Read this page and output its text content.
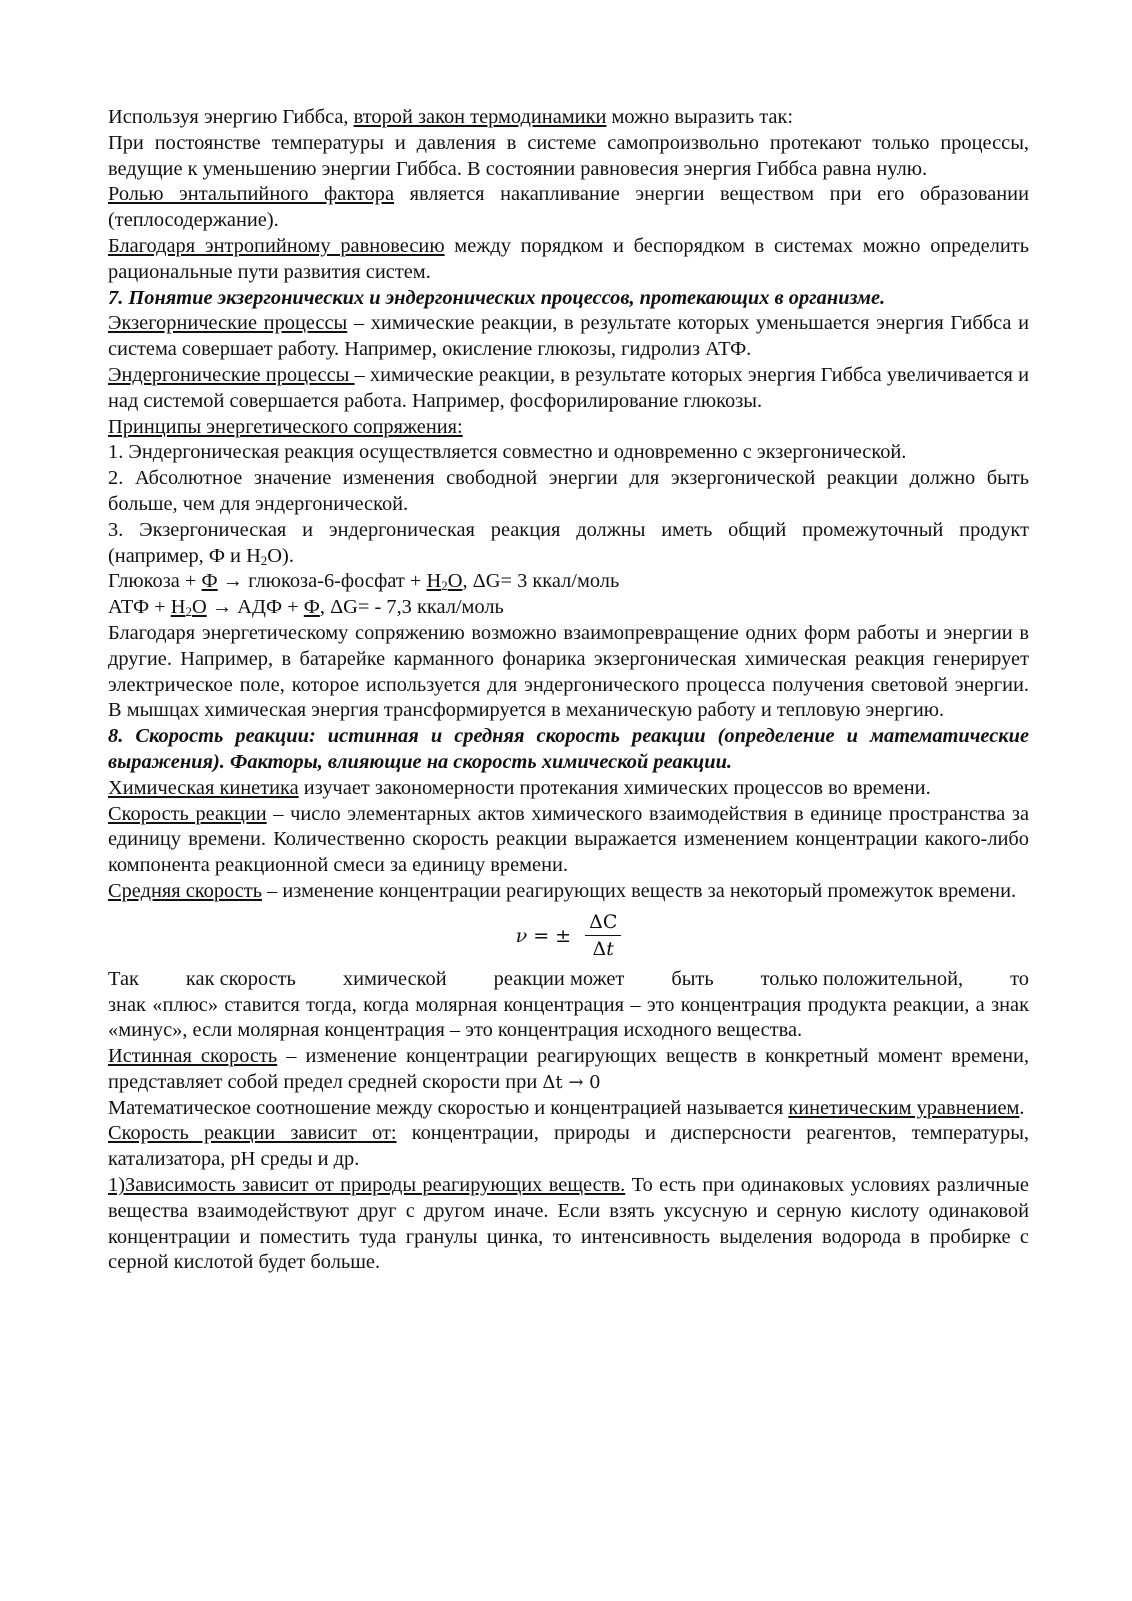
Используя энергию Гиббса, второй закон термодинамики можно выразить так:

При постоянстве температуры и давления в системе самопроизвольно протекают только процессы, ведущие к уменьшению энергии Гиббса. В состоянии равновесия энергия Гиббса равна нулю.

Ролью энтальпийного фактора является накапливание энергии веществом при его образовании (теплосодержание).

Благодаря энтропийному равновесию между порядком и беспорядком в системах можно определить рациональные пути развития систем.

7. Понятие экзергонических и эндергонических процессов, протекающих в организме.

Экзегорнические процессы – химические реакции, в результате которых уменьшается энергия Гиббса и система совершает работу. Например, окисление глюкозы, гидролиз АТФ.

Эндергонические процессы – химические реакции, в результате которых энергия Гиббса увеличивается и над системой совершается работа. Например, фосфорилирование глюкозы.

Принципы энергетического сопряжения:

1. Эндергоническая реакция осуществляется совместно и одновременно с экзергонической.

2. Абсолютное значение изменения свободной энергии для экзергонической реакции должно быть больше, чем для эндергонической.

3. Экзергоническая и эндергоническая реакция должны иметь общий промежуточный продукт (например, Ф и $H_2O$).

Глюкоза + Ф → глюкоза-6-фосфат + $H_2O$, ΔG= 3 ккал/моль

АТФ + $H_2O$ → АДФ + Ф, ΔG= - 7,3 ккал/моль

Благодаря энергетическому сопряжению возможно взаимопревращение одних форм работы и энергии в другие. Например, в батарейке карманного фонарика экзергоническая химическая реакция генерирует электрическое поле, которое используется для эндергонического процесса получения световой энергии. В мышцах химическая энергия трансформируется в механическую работу и тепловую энергию.

8. Скорость реакции: истинная и средняя скорость реакции (определение и математические выражения). Факторы, влияющие на скорость химической реакции.

Химическая кинетика изучает закономерности протекания химических процессов во времени.

Скорость реакции – число элементарных актов химического взаимодействия в единице пространства за единицу времени. Количественно скорость реакции выражается изменением концентрации какого-либо компонента реакционной смеси за единицу времени.

Средняя скорость – изменение концентрации реагирующих веществ за некоторый промежуток времени.

ν = ± $\frac{\Delta C}{\Delta t}$
Так как скорость химической реакции может быть только положительной, то

знак «плюс» ставится тогда, когда молярная концентрация – это концентрация продукта реакции, а знак «минус», если молярная концентрация – это концентрация исходного вещества.

Истинная скорость – изменение концентрации реагирующих веществ в конкретный момент времени, представляет собой предел средней скорости при Δt → 0

Математическое соотношение между скоростью и концентрацией называется кинетическим уравнением.

Скорость реакции зависит от: концентрации, природы и дисперсности реагентов, температуры, катализатора, pH среды и др.

1)Зависимость зависит от природы реагирующих веществ. То есть при одинаковых условиях различные вещества взаимодействуют друг с другом иначе. Если взять уксусную и серную кислоту одинаковой концентрации и поместить туда гранулы цинка, то интенсивность выделения водорода в пробирке с серной кислотой будет больше.
